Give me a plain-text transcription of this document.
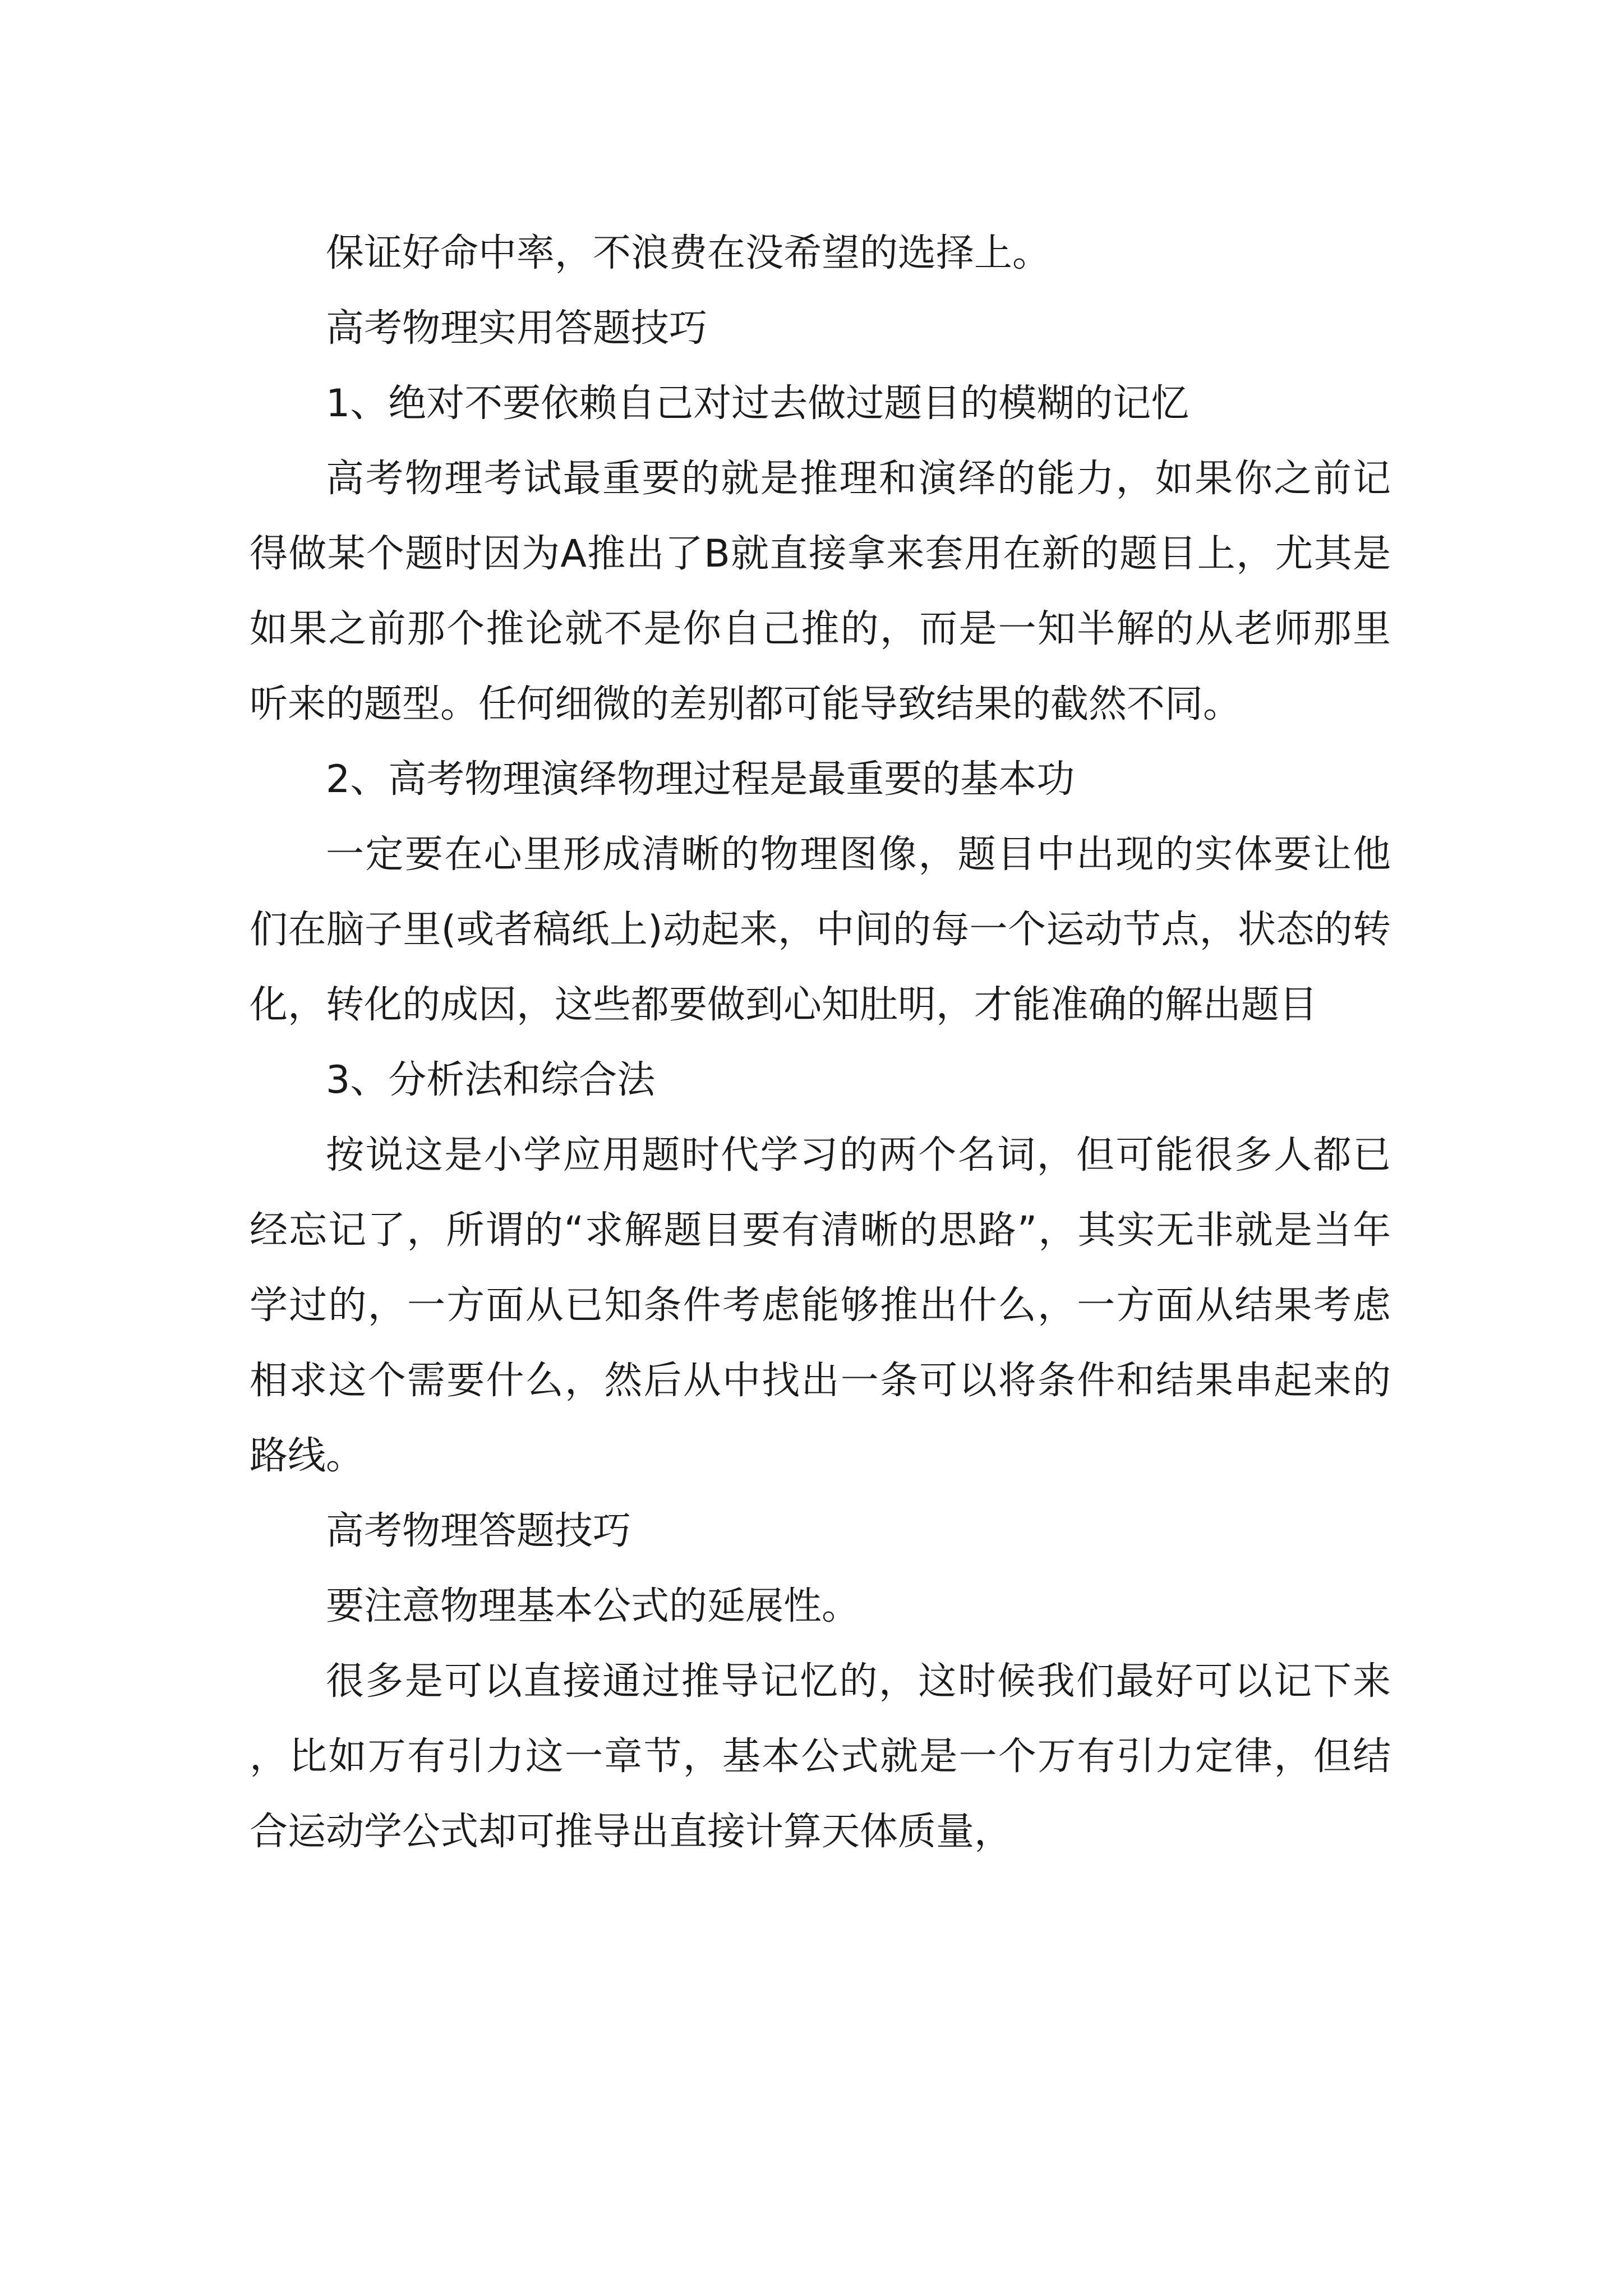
保证好命中率，不浪费在没希望的选择上。

高考物理实用答题技巧

1、绝对不要依赖自己对过去做过题目的模糊的记忆

高考物理考试最重要的就是推理和演绎的能力，如果你之前记得做某个题时因为A推出了B就直接拿来套用在新的题目上，尤其是如果之前那个推论就不是你自己推的，而是一知半解的从老师那里听来的题型。任何细微的差别都可能导致结果的截然不同。

2、高考物理演绎物理过程是最重要的基本功

一定要在心里形成清晰的物理图像，题目中出现的实体要让他们在脑子里(或者稿纸上)动起来，中间的每一个运动节点，状态的转化，转化的成因，这些都要做到心知肚明，才能准确的解出题目

3、分析法和综合法

按说这是小学应用题时代学习的两个名词，但可能很多人都已经忘记了，所谓的“求解题目要有清晰的思路”，其实无非就是当年学过的，一方面从已知条件考虑能够推出什么，一方面从结果考虑相求这个需要什么，然后从中找出一条可以将条件和结果串起来的路线。

高考物理答题技巧

要注意物理基本公式的延展性。

很多是可以直接通过推导记忆的，这时候我们最好可以记下来，比如万有引力这一章节，基本公式就是一个万有引力定律，但结合运动学公式却可推导出直接计算天体质量，
